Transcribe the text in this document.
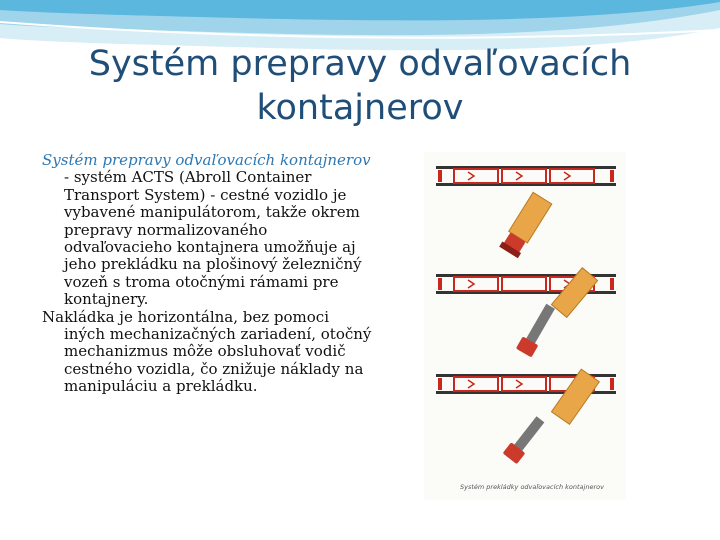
Systém prepravy odvaľovacích
kontajnerov

Systém prepravy odvaľovacích kontajnerov - systém ACTS (Abroll Container Transport System) - cestné vozidlo je vybavené manipulátorom, takže okrem prepravy normalizovaného odvaľovacieho kontajnera umožňuje aj jeho prekládku na plošinový železničný vozeň s troma otočnými rámami pre kontajnery.

Nakládka je horizontálna, bez pomoci iných mechanizačných zariadení, otočný mechanizmus môže obsluhovať vodič cestného vozidla, čo znižuje náklady na manipuláciu a prekládku.

Systém prekládky odvaľovacích kontajnerov
